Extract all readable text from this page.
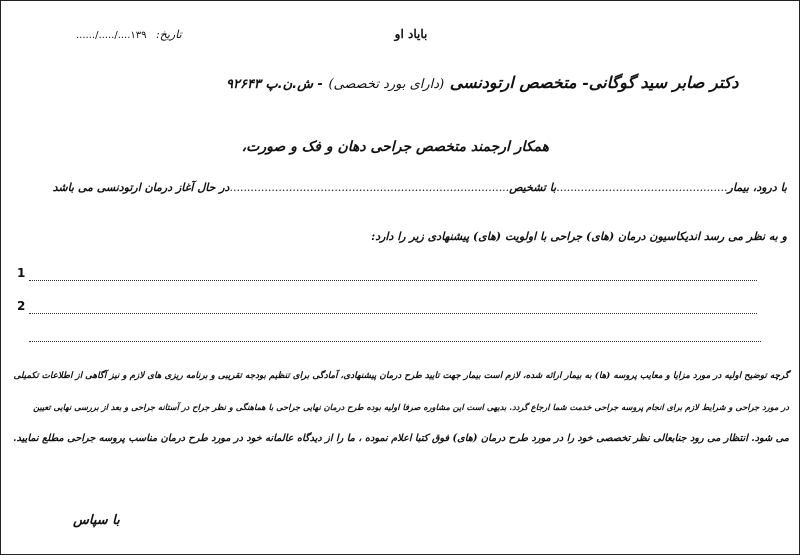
باياد او
تاريخ: ۱۳۹..../...../......
دکتر صابر سید گوگانی- متخصص ارتودنسی (دارای بورد تخصصی) - ش.ن.پ ۹۲۶۴۳
همکار ارجمند متخصص جراحی دهان و فک و صورت،
با درود، بیمار.................................................با تشخیص................................................................................در حال آغاز درمان ارتودنسی می باشد
و به نظر می رسد اندیکاسیون درمان (های) جراحی با اولویت (های) پیشنهادی زیر را دارد:
1
2
گرچه توضیح اولیه در مورد مزایا و معایب پروسه (ها) به بیمار ارائه شده، لازم است بیمار جهت تایید طرح درمان پیشنهادی، آمادگی برای تنظیم بودجه تقریبی و برنامه ریزی های لازم و نیز آگاهی از اطلاعات تکمیلی
در مورد جراحی و شرایط لازم برای انجام پروسه جراحی خدمت شما ارجاع گردد. بدیهی است این مشاوره صرفا اولیه بوده طرح درمان نهایی جراحی با هماهنگی و نظر جراح در آستانه جراحی و بعد از بررسی نهایی تعیین
می شود. انتظار می رود جنابعالی نظر تخصصی خود را در مورد طرح درمان (های) فوق کتبا اعلام نموده ، ما را از دیدگاه عالمانه خود در مورد طرح درمان مناسب پروسه جراحی مطلع نمایید.
با سپاس
